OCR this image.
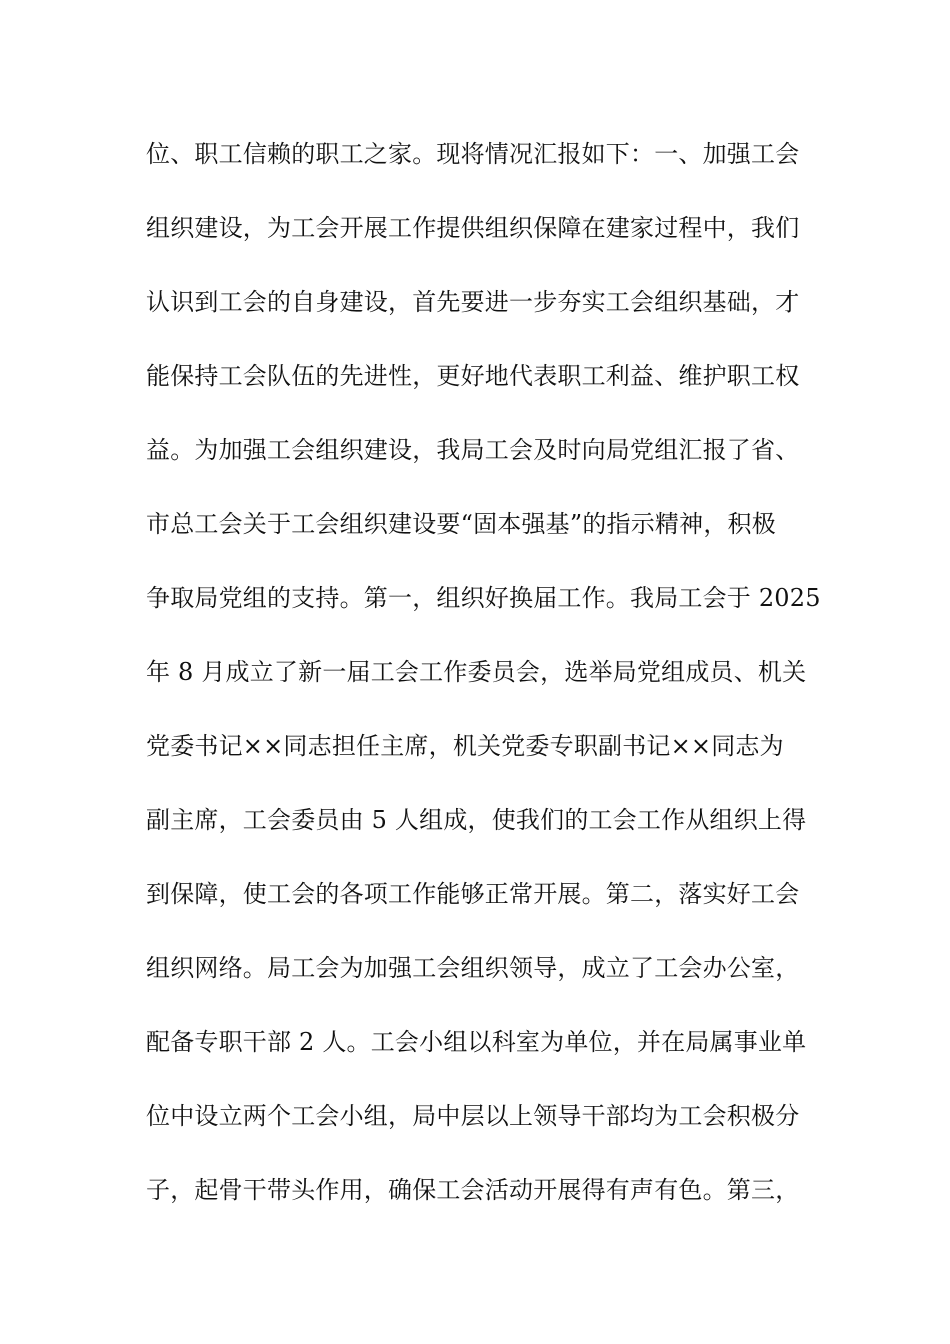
位、职工信赖的职工之家。现将情况汇报如下：一、加强工会
组织建设，为工会开展工作提供组织保障在建家过程中，我们
认识到工会的自身建设，首先要进一步夯实工会组织基础，才
能保持工会队伍的先进性，更好地代表职工利益、维护职工权
益。为加强工会组织建设，我局工会及时向局党组汇报了省、
市总工会关于工会组织建设要“固本强基”的指示精神，积极
争取局党组的支持。第一，组织好换届工作。我局工会于 2025
年 8 月成立了新一届工会工作委员会，选举局党组成员、机关
党委书记××同志担任主席，机关党委专职副书记××同志为
副主席，工会委员由 5 人组成，使我们的工会工作从组织上得
到保障，使工会的各项工作能够正常开展。第二，落实好工会
组织网络。局工会为加强工会组织领导，成立了工会办公室，
配备专职干部 2 人。工会小组以科室为单位，并在局属事业单
位中设立两个工会小组，局中层以上领导干部均为工会积极分
子，起骨干带头作用，确保工会活动开展得有声有色。第三，
